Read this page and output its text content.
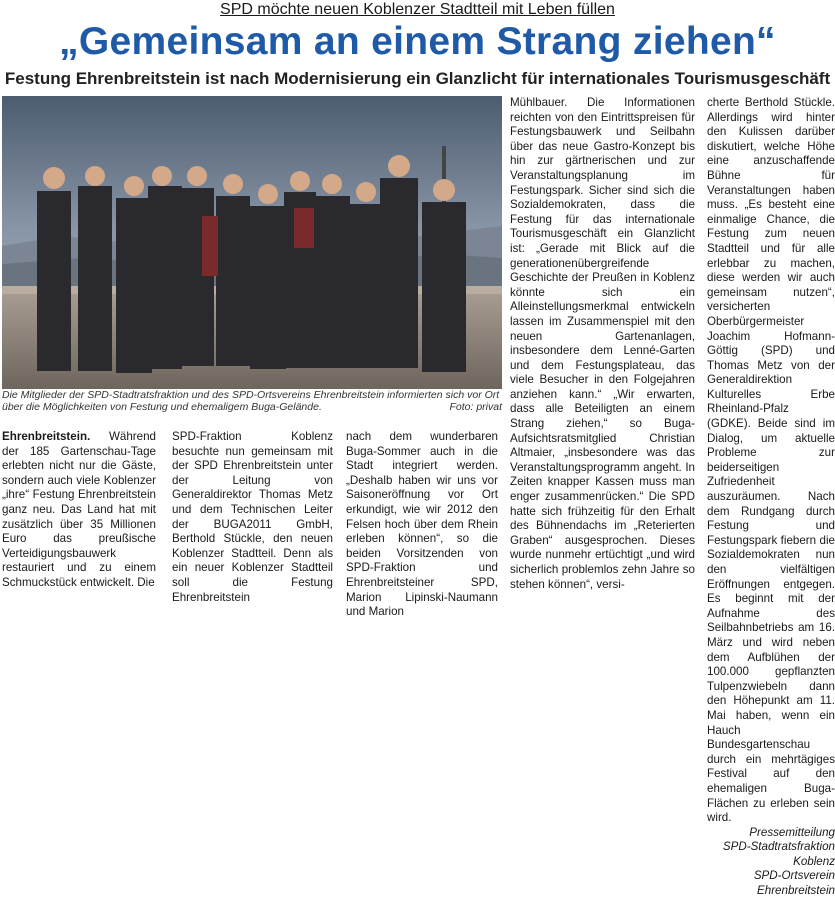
SPD möchte neuen Koblenzer Stadtteil mit Leben füllen
„Gemeinsam an einem Strang ziehen“
Festung Ehrenbreitstein ist nach Modernisierung ein Glanzlicht für internationales Tourismusgeschäft
Die Mitglieder der SPD-Stadtratsfraktion und des SPD-Ortsvereins Ehrenbreitstein informierten sich vor Ort über die Möglichkeiten von Festung und ehemaligem Buga-Gelände.	Foto: privat

Ehrenbreitstein. Während der 185 Gartenschau-Tage erlebten nicht nur die Gäste, sondern auch viele Koblenzer „ihre“ Festung Ehrenbreitstein ganz neu. Das Land hat mit zusätzlich über 35 Millionen Euro das preußische Verteidigungsbauwerk restauriert und zu einem Schmuckstück entwickelt. Die

SPD-Fraktion Koblenz besuchte nun gemeinsam mit der SPD Ehrenbreitstein unter der Leitung von Generaldirektor Thomas Metz und dem Technischen Leiter der BUGA2011 GmbH, Berthold Stückle, den neuen Koblenzer Stadtteil. Denn als ein neuer Koblenzer Stadtteil soll die Festung Ehrenbreitstein

nach dem wunderbaren Buga-Sommer auch in die Stadt integriert werden. „Deshalb haben wir uns vor Saisoneröffnung vor Ort erkundigt, wie wir 2012 den Felsen hoch über dem Rhein erleben können“, so die beiden Vorsitzenden von SPD-Fraktion und Ehrenbreitsteiner SPD, Marion Lipinski-Naumann und Marion

Mühlbauer. Die Informationen reichten von den Eintrittspreisen für Festungsbauwerk und Seilbahn über das neue Gastro-Konzept bis hin zur gärtnerischen und zur Veranstaltungsplanung im Festungspark. Sicher sind sich die Sozialdemokraten, dass die Festung für das internationale Tourismusgeschäft ein Glanzlicht ist: „Gerade mit Blick auf die generationenübergreifende Geschichte der Preußen in Koblenz könnte sich ein Alleinstellungsmerkmal entwickeln lassen im Zusammenspiel mit den neuen Gartenanlagen, insbesondere dem Lenné-Garten und dem Festungsplateau, das viele Besucher in den Folgejahren anziehen kann.“ „Wir erwarten, dass alle Beteiligten an einem Strang ziehen,“ so Buga-Aufsichtsratsmitglied Christian Altmaier, „insbesondere was das Veranstaltungsprogramm angeht. In Zeiten knapper Kassen muss man enger zusammenrücken.“ Die SPD hatte sich frühzeitig für den Erhalt des Bühnendachs im „Reterierten Graben“ ausgesprochen. Dieses wurde nunmehr ertüchtigt „und wird sicherlich problemlos zehn Jahre so stehen können“, versi-

cherte Berthold Stückle. Allerdings wird hinter den Kulissen darüber diskutiert, welche Höhe eine anzuschaffende Bühne für Veranstaltungen haben muss. „Es besteht eine einmalige Chance, die Festung zum neuen Stadtteil und für alle erlebbar zu machen, diese werden wir auch gemeinsam nutzen“, versicherten Oberbürgermeister Joachim Hofmann-Göttig (SPD) und Thomas Metz von der Generaldirektion Kulturelles Erbe Rheinland-Pfalz (GDKE). Beide sind im Dialog, um aktuelle Probleme zur beiderseitigen Zufriedenheit auszuräumen. Nach dem Rundgang durch Festung und Festungspark fiebern die Sozialdemokraten nun den vielfältigen Eröffnungen entgegen. Es beginnt mit der Aufnahme des Seilbahnbetriebs am 16. März und wird neben dem Aufblühen der 100.000 gepflanzten Tulpenzwiebeln dann den Höhepunkt am 11. Mai haben, wenn ein Hauch Bundesgartenschau durch ein mehrtägiges Festival auf den ehemaligen Buga-Flächen zu erleben sein wird.

Pressemitteilung

SPD-Stadtratsfraktion Koblenz

SPD-Ortsverein Ehrenbreitstein
